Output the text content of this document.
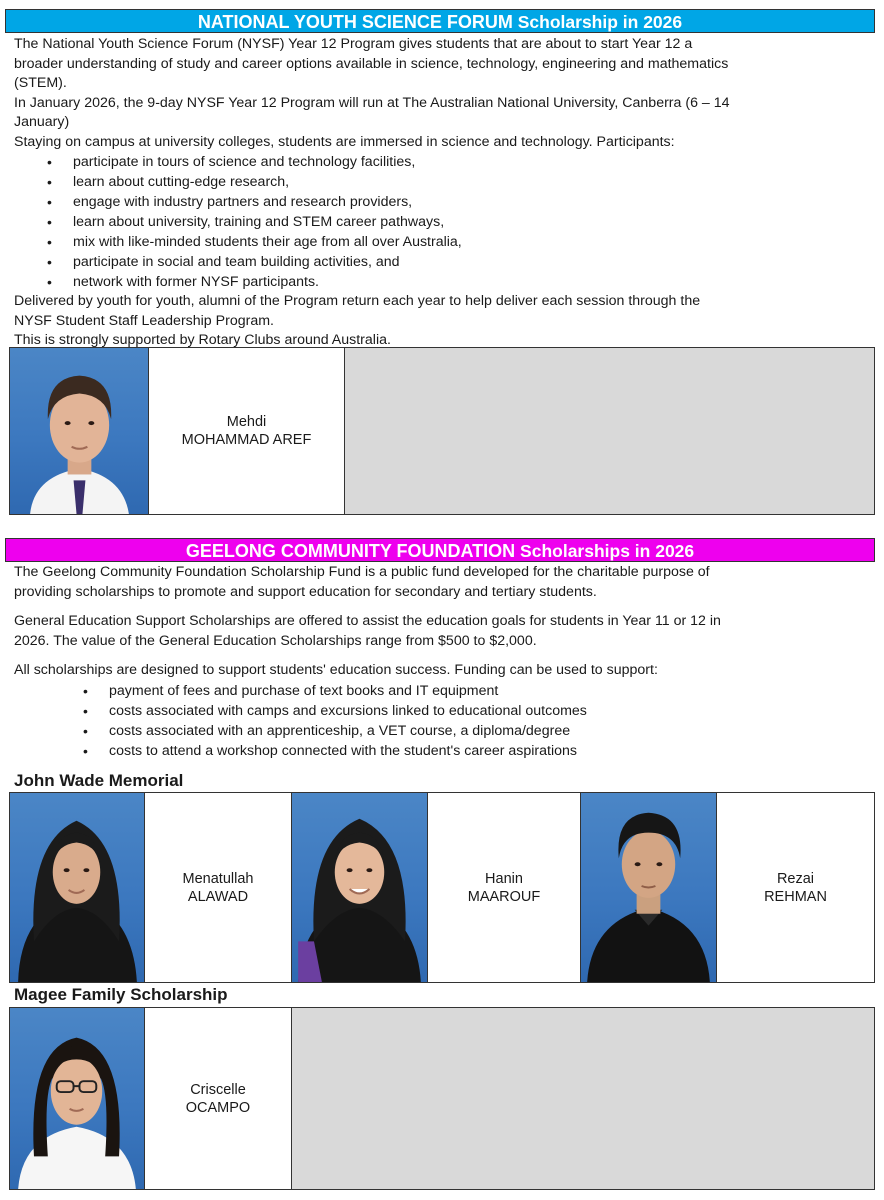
NATIONAL YOUTH SCIENCE FORUM Scholarship in 2026

The National Youth Science Forum (NYSF) Year 12 Program gives students that are about to start Year 12 a

broader understanding of study and career options available in science, technology, engineering and mathematics

(STEM).

In January 2026, the 9-day NYSF Year 12 Program will run at The Australian National University, Canberra (6 – 14

January)

Staying on campus at university colleges, students are immersed in science and technology. Participants:

• participate in tours of science and technology facilities,
• learn about cutting-edge research,
• engage with industry partners and research providers,
• learn about university, training and STEM career pathways,
• mix with like-minded students their age from all over Australia,
• participate in social and team building activities, and
• network with former NYSF participants.

Delivered by youth for youth, alumni of the Program return each year to help deliver each session through the

NYSF Student Staff Leadership Program.

This is strongly supported by Rotary Clubs around Australia.

Mehdi
MOHAMMAD AREF
GEELONG COMMUNITY FOUNDATION Scholarships in 2026

The Geelong Community Foundation Scholarship Fund is a public fund developed for the charitable purpose of

providing scholarships to promote and support education for secondary and tertiary students.

General Education Support Scholarships are offered to assist the education goals for students in Year 11 or 12 in

2026. The value of the General Education Scholarships range from $500 to $2,000.

All scholarships are designed to support students' education success. Funding can be used to support:

• payment of fees and purchase of text books and IT equipment
• costs associated with camps and excursions linked to educational outcomes
• costs associated with an apprenticeship, a VET course, a diploma/degree
• costs to attend a workshop connected with the student's career aspirations
John Wade Memorial
Menatullah
ALAWAD
Hanin
MAAROUF
Rezai
REHMAN
Magee Family Scholarship
Criscelle
OCAMPO
